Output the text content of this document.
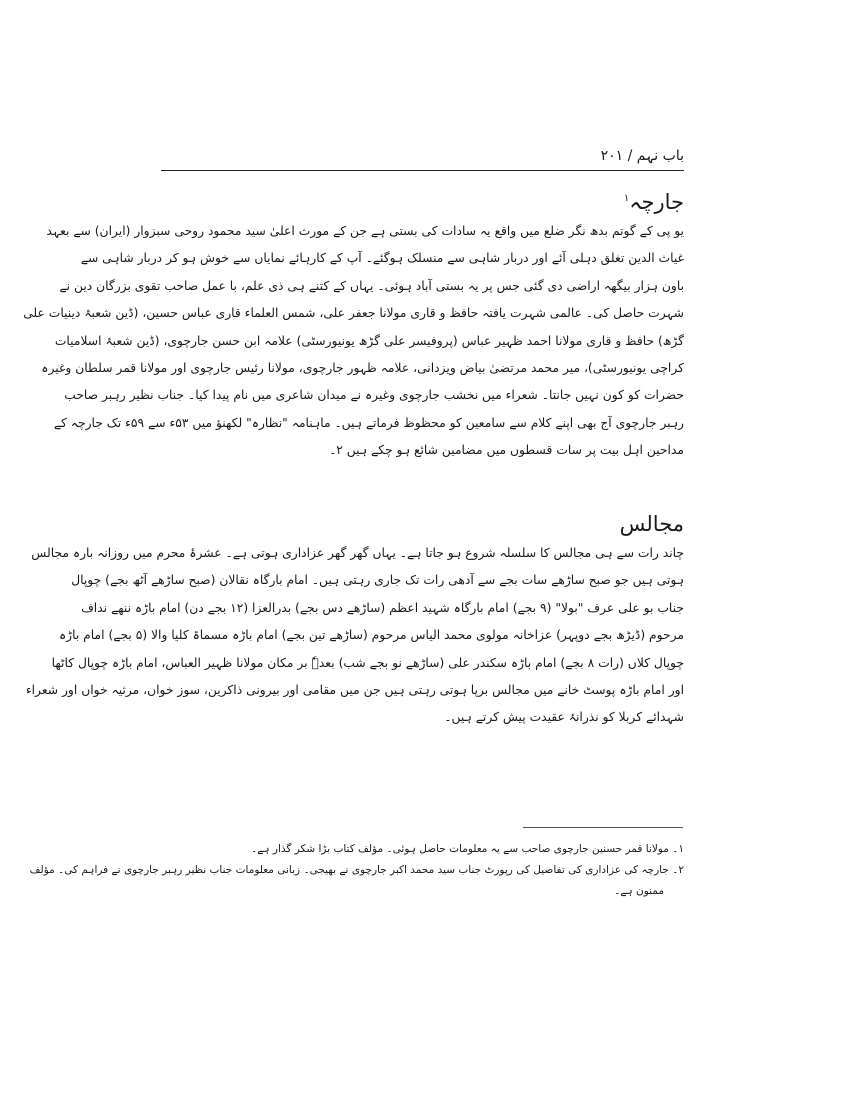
باب نہم / ۲۰۱
جارچہ$^۱$
یو پی کے گوتم بدھ نگر ضلع میں واقع یہ سادات کی بستی ہے جن کے مورث اعلیٰ سید محمود روحی سبزوار (ایران) سے بعہد
غیاث الدین تغلق دہلی آئے اور دربار شاہی سے منسلک ہوگئے۔ آپ کے کارہائے نمایاں سے خوش ہو کر دربار شاہی سے
باون ہزار بیگھہ اراضی دی گئی جس پر یہ بستی آباد ہوئی۔ یہاں کے کتنے ہی ذی علم، با عمل صاحب تقوی بزرگان دین نے
شہرت حاصل کی۔ عالمی شہرت یافتہ حافظ و قاری مولانا جعفر علی، شمس العلماء قاری عباس حسین، (ڈین شعبۂ دینیات علی
گڑھ) حافظ و قاری مولانا احمد ظہیر عباس (پروفیسر علی گڑھ یونیورسٹی) علامہ ابن حسن جارچوی، (ڈین شعبۂ اسلامیات
کراچی یونیورسٹی)، میر محمد مرتضیٰ بیاض ویزدانی، علامہ ظہور جارچوی، مولانا رئیس جارچوی اور مولانا قمر سلطان وغیرہ
حضرات کو کون نہیں جانتا۔ شعراء میں نخشب جارچوی وغیرہ نے میدان شاعری میں نام پیدا کیا۔ جناب نظیر رہبر صاحب
رہبر جارچوی آج بھی اپنے کلام سے سامعین کو محظوظ فرماتے ہیں۔ ماہنامہ "نظارہ" لکھنؤ میں ۵۳ء سے ۵۹ء تک جارچہ کے
مداحین اہل بیت پر سات قسطوں میں مضامین شائع ہو چکے ہیں ۲۔
مجالس
چاند رات سے ہی مجالس کا سلسلہ شروع ہو جاتا ہے۔ یہاں گھر گھر عزاداری ہوتی ہے۔ عشرۂ محرم میں روزانہ بارہ مجالس
ہوتی ہیں جو صبح ساڑھے سات بجے سے آدھی رات تک جاری رہتی ہیں۔ امام بارگاہ نقالان (صبح ساڑھے آٹھ بجے) چوپال
جناب بو علی عرف "بولا" (۹ بجے) امام بارگاہ شہید اعظم (ساڑھے دس بجے) بدرالعزا (۱۲ بجے دن) امام باڑہ ننھے نداف
مرحوم (ڈیڑھ بجے دوپہر) عزاخانہ مولوی محمد الیاس مرحوم (ساڑھے تین بجے) امام باڑہ مسماۃ کلیا والا (۵ بجے) امام باڑہ
چوپال کلاں (رات ۸ بجے) امام باڑہ سکندر علی (ساڑھے نو بجے شب) بعدہٗ بر مکان مولانا ظہیر العباس، امام باڑہ چوپال کاٹھا
اور امام باڑہ پوسٹ خانے میں مجالس برپا ہوتی رہتی ہیں جن میں مقامی اور بیرونی ذاکرین، سوز خواں، مرثیہ خواں اور شعراء
شہدائے کربلا کو نذرانۂ عقیدت پیش کرتے ہیں۔
۱۔ مولانا قمر حسنین جارچوی صاحب سے یہ معلومات حاصل ہوئی۔ مؤلف کتاب بڑا شکر گذار ہے۔
۲۔ جارچہ کی عزاداری کی تفاصیل کی رپورٹ جناب سید محمد اکبر جارچوی نے بھیجی۔ زبانی معلومات جناب نظیر رہبر جارچوی نے فراہم کی۔ مؤلف
ممنون ہے۔
